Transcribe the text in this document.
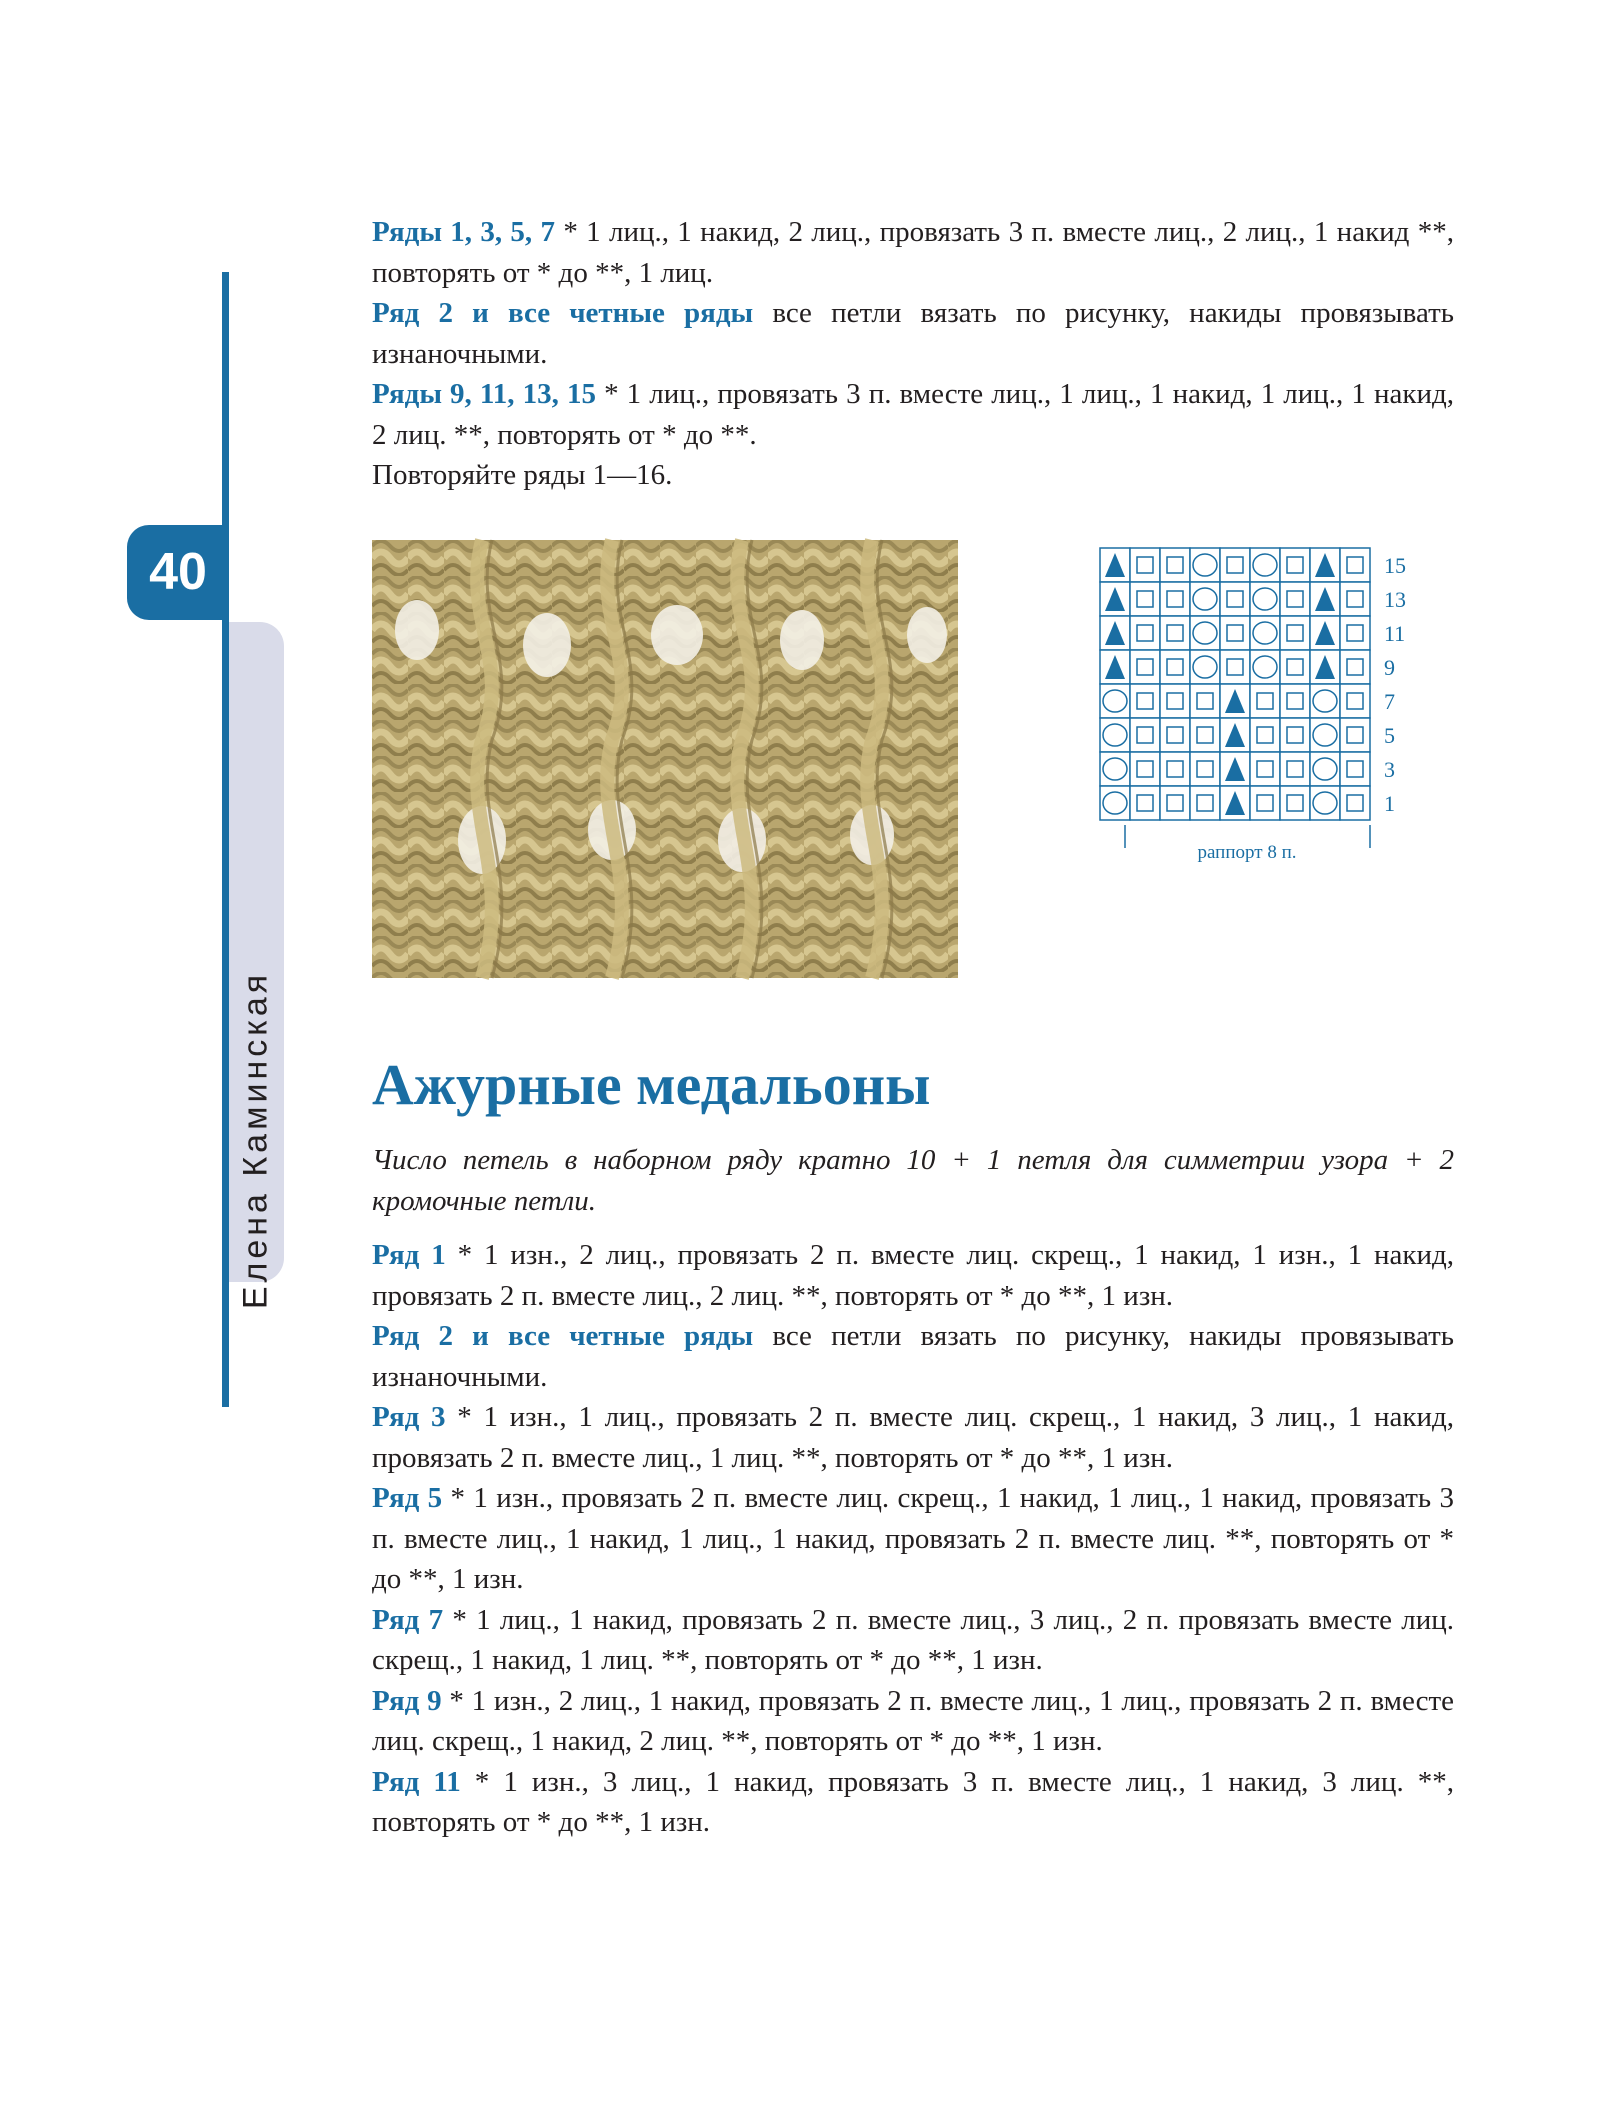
40
Елена Каминская

Ряды 1, 3, 5, 7 * 1 лиц., 1 накид, 2 лиц., провязать 3 п. вместе лиц., 2 лиц., 1 накид **, повторять от * до **, 1 лиц.

Ряд 2 и все четные ряды все петли вязать по рисунку, накиды провязывать изнаночными.

Ряды 9, 11, 13, 15 * 1 лиц., провязать 3 п. вместе лиц., 1 лиц., 1 накид, 1 лиц., 1 накид, 2 лиц. **, повторять от * до **.

Повторяйте ряды 1—16.

15
13
11
9
7
5
3
1
раппорт 8 п.
Ажурные медальоны

Число петель в наборном ряду кратно 10 + 1 петля для симметрии узора + 2 кромочные петли.

Ряд 1 * 1 изн., 2 лиц., провязать 2 п. вместе лиц. скрещ., 1 накид, 1 изн., 1 накид, провязать 2 п. вместе лиц., 2 лиц. **, повторять от * до **, 1 изн.

Ряд 2 и все четные ряды все петли вязать по рисунку, накиды провязывать изнаночными.

Ряд 3 * 1 изн., 1 лиц., провязать 2 п. вместе лиц. скрещ., 1 накид, 3 лиц., 1 накид, провязать 2 п. вместе лиц., 1 лиц. **, повторять от * до **, 1 изн.

Ряд 5 * 1 изн., провязать 2 п. вместе лиц. скрещ., 1 накид, 1 лиц., 1 накид, провязать 3 п. вместе лиц., 1 накид, 1 лиц., 1 накид, провязать 2 п. вместе лиц. **, повторять от * до **, 1 изн.

Ряд 7 * 1 лиц., 1 накид, провязать 2 п. вместе лиц., 3 лиц., 2 п. провязать вместе лиц. скрещ., 1 накид, 1 лиц. **, повторять от * до **, 1 изн.

Ряд 9 * 1 изн., 2 лиц., 1 накид, провязать 2 п. вместе лиц., 1 лиц., провязать 2 п. вместе лиц. скрещ., 1 накид, 2 лиц. **, повторять от * до **, 1 изн.

Ряд 11 * 1 изн., 3 лиц., 1 накид, провязать 3 п. вместе лиц., 1 накид, 3 лиц. **, повторять от * до **, 1 изн.
